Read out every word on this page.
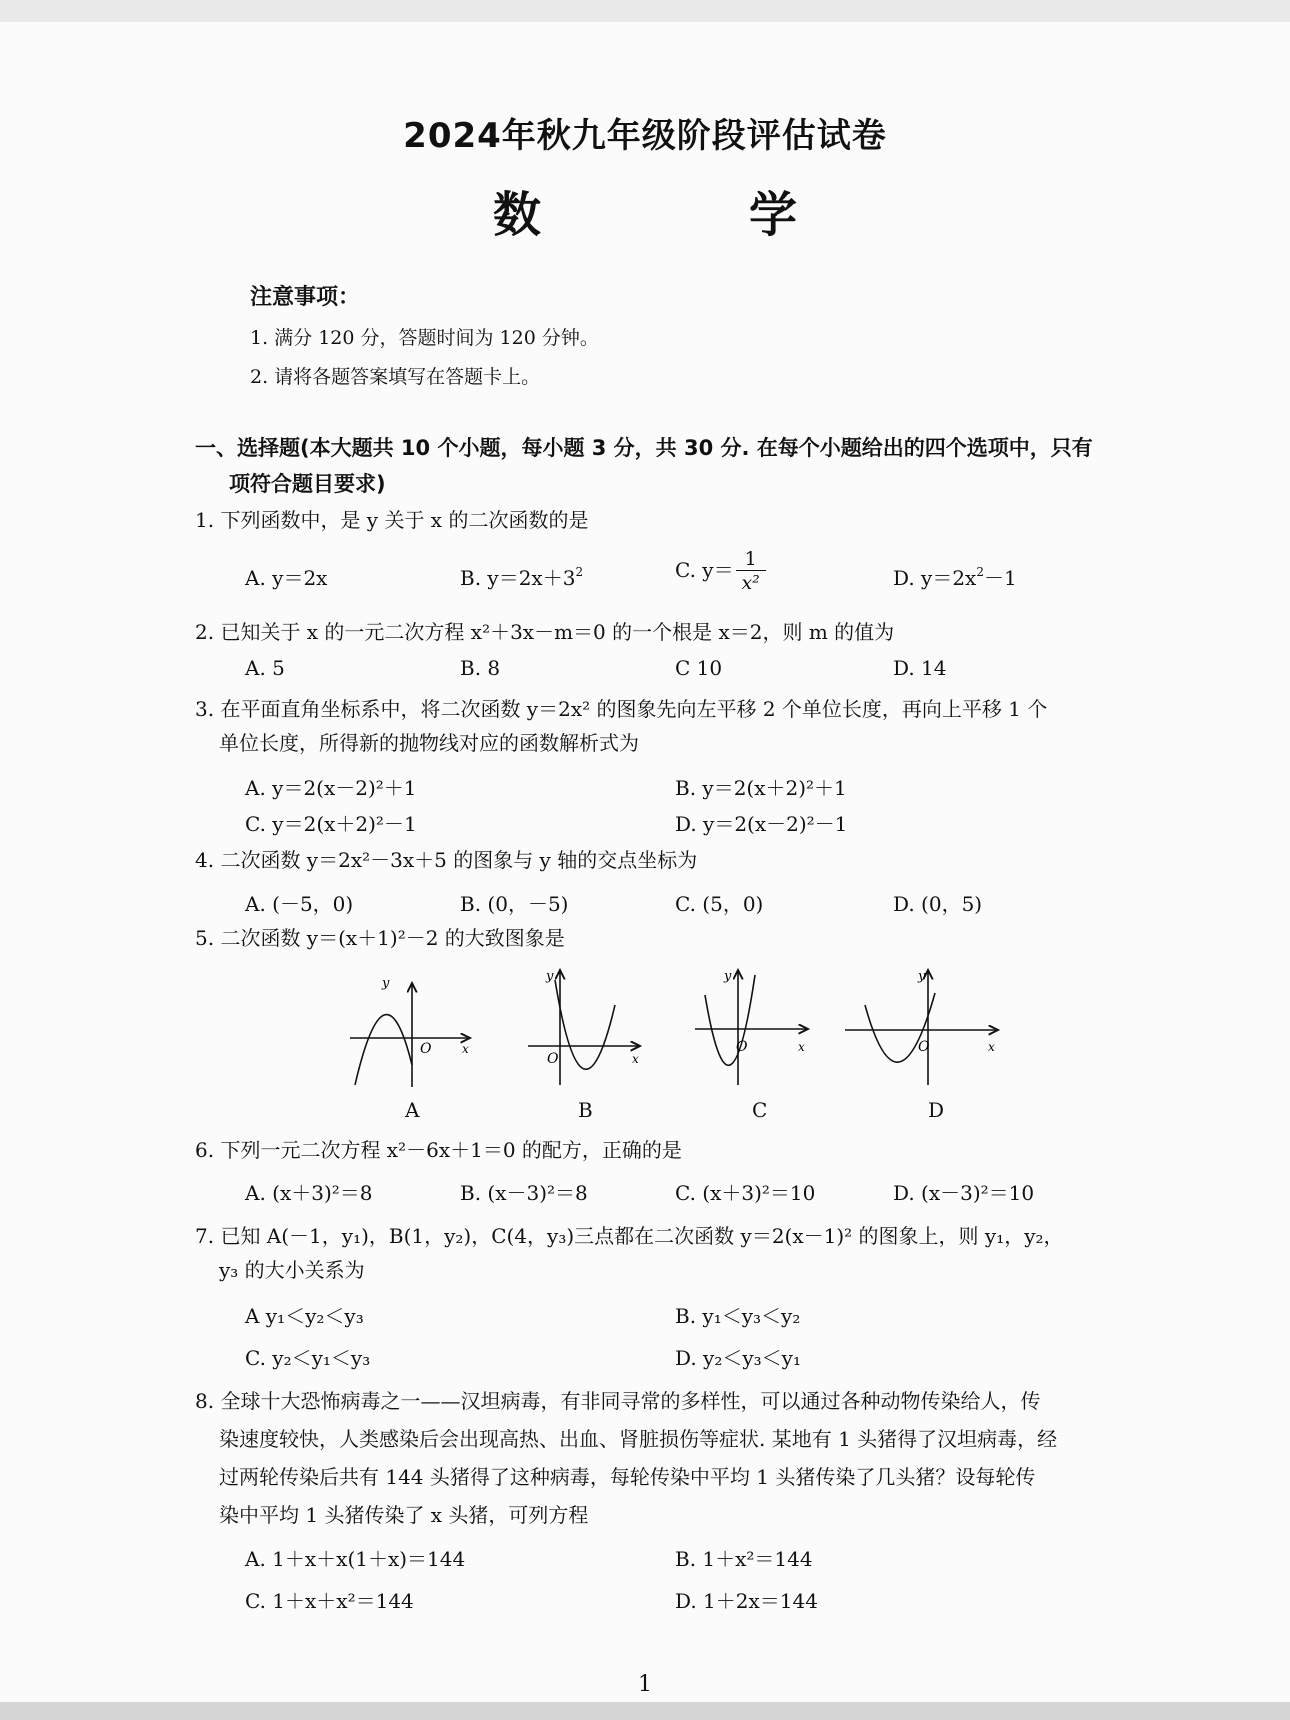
2024年秋九年级阶段评估试卷
数　学
注意事项：
1. 满分 120 分，答题时间为 120 分钟。
2. 请将各题答案填写在答题卡上。
一、选择题(本大题共 10 个小题，每小题 3 分，共 30 分. 在每个小题给出的四个选项中，只有
项符合题目要求)
1. 下列函数中，是 y 关于 x 的二次函数的是
A. y＝2x	B. $y=2x+3^2$	C. $y= \frac{1}{\text{x²}}$	D. $y=2x^2-1$
2. 已知关于 x 的一元二次方程 x²＋3x－m＝0 的一个根是 x＝2，则 m 的值为
A. 5	B. 8	C 10	D. 14
3. 在平面直角坐标系中，将二次函数 y＝2x² 的图象先向左平移 2 个单位长度，再向上平移 1 个
单位长度，所得新的抛物线对应的函数解析式为
A. y＝2(x－2)²＋1	B. y＝2(x＋2)²＋1
C. y＝2(x＋2)²－1	D. y＝2(x－2)²－1
4. 二次函数 y＝2x²－3x＋5 的图象与 y 轴的交点坐标为
A. (－5，0)	B. (0，－5)	C. (5，0)	D. (0，5)
5. 二次函数 y＝(x＋1)²－2 的大致图象是
y
O	x
y
O	x
y
O	x
y
O	x
A	B	C	D
6. 下列一元二次方程 x²－6x＋1＝0 的配方，正确的是
A. (x＋3)²＝8	B. (x－3)²＝8	C. (x＋3)²＝10	D. (x－3)²＝10
7. 已知 A(－1，y₁)，B(1，y₂)，C(4，y₃)三点都在二次函数 y＝2(x－1)² 的图象上，则 y₁，y₂，
y₃ 的大小关系为
A y₁＜y₂＜y₃	B. y₁＜y₃＜y₂
C. y₂＜y₁＜y₃	D. y₂＜y₃＜y₁
8. 全球十大恐怖病毒之一——汉坦病毒，有非同寻常的多样性，可以通过各种动物传染给人，传
染速度较快，人类感染后会出现高热、出血、肾脏损伤等症状. 某地有 1 头猪得了汉坦病毒，经
过两轮传染后共有 144 头猪得了这种病毒，每轮传染中平均 1 头猪传染了几头猪？设每轮传
染中平均 1 头猪传染了 x 头猪，可列方程
A. 1＋x＋x(1＋x)＝144	B. 1＋x²＝144
C. 1＋x＋x²＝144	D. 1＋2x＝144
1
